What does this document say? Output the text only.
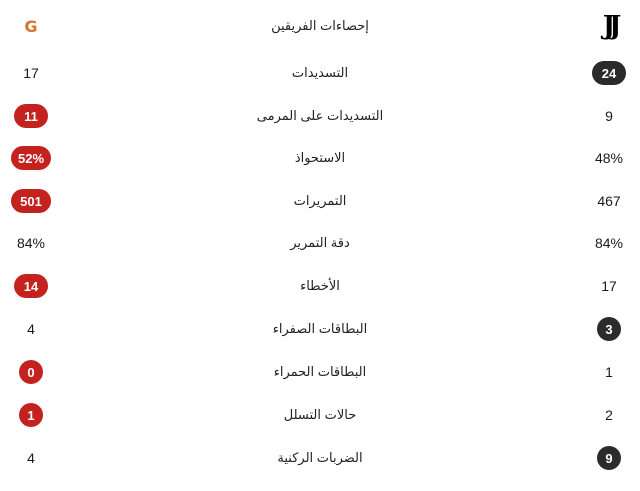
G	إحصاءات الفريقين	JJ
17	التسديدات	24
11	التسديدات على المرمى	9
52%	الاستحواذ	48%
501	التمريرات	467
84%	دقة التمرير	84%
14	الأخطاء	17
4	البطاقات الصفراء	3
0	البطاقات الحمراء	1
1	حالات التسلل	2
4	الضربات الركنية	9
